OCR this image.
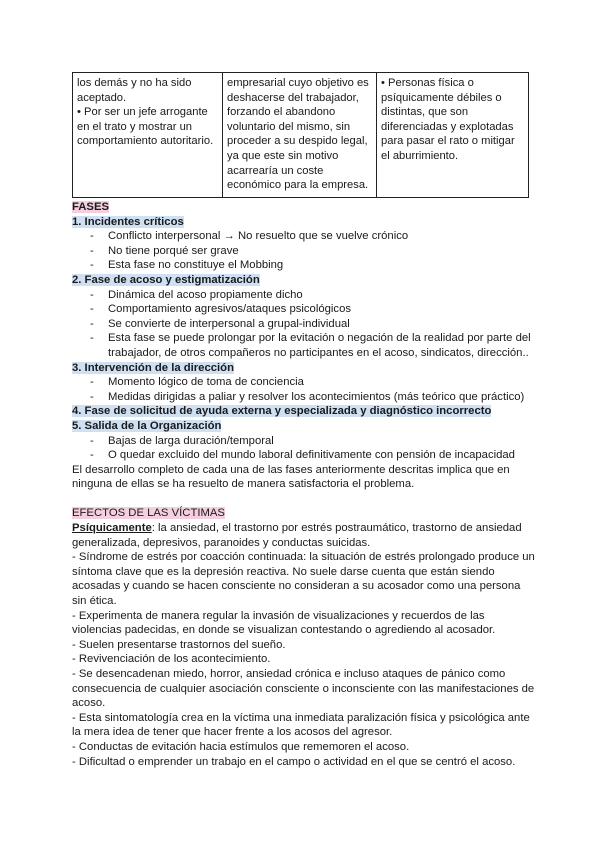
los demás y no ha sido
aceptado.
• Por ser un jefe arrogante
en el trato y mostrar un
comportamiento autoritario.

empresarial cuyo objetivo es
deshacerse del trabajador,
forzando el abandono
voluntario del mismo, sin
proceder a su despido legal,
ya que este sin motivo
acarrearía un coste
económico para la empresa.

• Personas física o
psíquicamente débiles o
distintas, que son
diferenciadas y explotadas
para pasar el rato o mitigar
el aburrimiento.
FASES
1. Incidentes críticos
- Conflicto interpersonal → No resuelto que se vuelve crónico
- No tiene porqué ser grave
- Esta fase no constituye el Mobbing
2. Fase de acoso y estigmatización
- Dinámica del acoso propiamente dicho
- Comportamiento agresivos/ataques psicológicos
- Se convierte de interpersonal a grupal-individual
- Esta fase se puede prolongar por la evitación o negación de la realidad por parte del
trabajador, de otros compañeros no participantes en el acoso, sindicatos, dirección..
3. Intervención de la dirección
- Momento lógico de toma de conciencia
- Medidas dirigidas a paliar y resolver los acontecimientos (más teórico que práctico)
4. Fase de solicitud de ayuda externa y especializada y diagnóstico incorrecto
5. Salida de la Organización
- Bajas de larga duración/temporal
- O quedar excluido del mundo laboral definitivamente con pensión de incapacidad
El desarrollo completo de cada una de las fases anteriormente descritas implica que en
ninguna de ellas se ha resuelto de manera satisfactoria el problema.
EFECTOS DE LAS VÍCTIMAS
Psíquicamente: la ansiedad, el trastorno por estrés postraumático, trastorno de ansiedad
generalizada, depresivos, paranoides y conductas suicidas.
- Síndrome de estrés por coacción continuada: la situación de estrés prolongado produce un
síntoma clave que es la depresión reactiva. No suele darse cuenta que están siendo
acosadas y cuando se hacen consciente no consideran a su acosador como una persona
sin ética.
- Experimenta de manera regular la invasión de visualizaciones y recuerdos de las
violencias padecidas, en donde se visualizan contestando o agrediendo al acosador.
- Suelen presentarse trastornos del sueño.
- Revivenciación de los acontecimiento.
- Se desencadenan miedo, horror, ansiedad crónica e incluso ataques de pánico como
consecuencia de cualquier asociación consciente o inconsciente con las manifestaciones de
acoso.
- Esta sintomatología crea en la víctima una inmediata paralización física y psicológica ante
la mera idea de tener que hacer frente a los acosos del agresor.
- Conductas de evitación hacia estímulos que rememoren el acoso.
- Dificultad o emprender un trabajo en el campo o actividad en el que se centró el acoso.
